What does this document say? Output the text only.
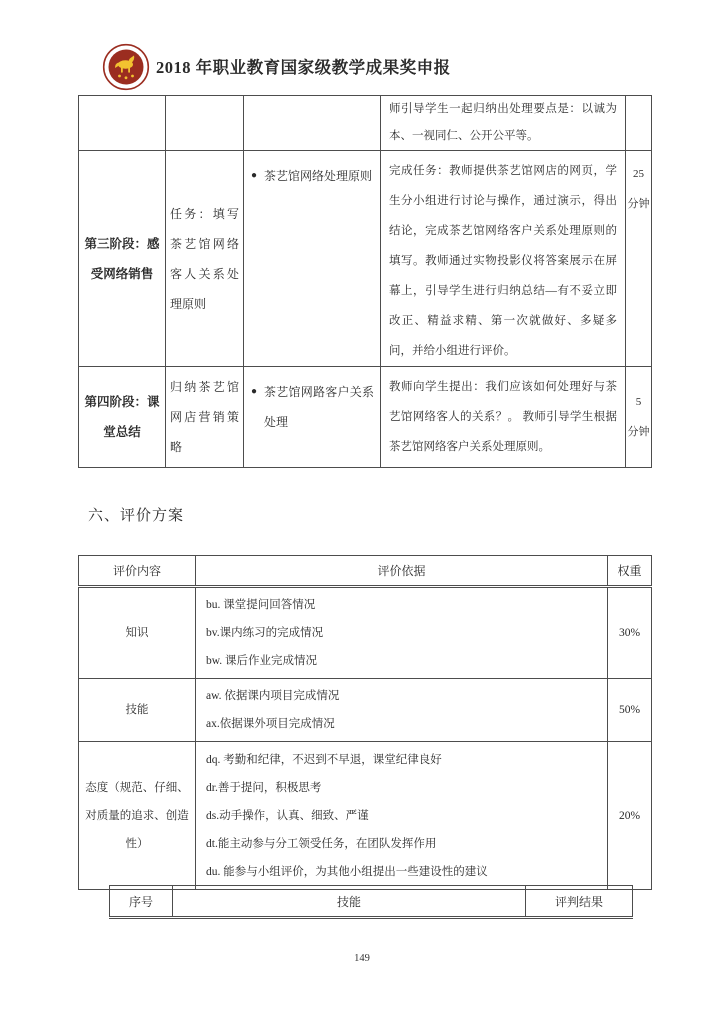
2018 年职业教育国家级教学成果奖申报
			师引导学生一起归纳出处理要点是：以诚为本、一视同仁、公开公平等。	
第三阶段：感受网络销售	任务：填写茶艺馆网络客人关系处理原则	● 茶艺馆网络处理原则	完成任务：教师提供茶艺馆网店的网页，学生分小组进行讨论与操作，通过演示，得出结论，完成茶艺馆网络客户关系处理原则的填写。教师通过实物投影仪将答案展示在屏幕上，引导学生进行归纳总结—有不妥立即改正、精益求精、第一次就做好、多疑多问，并给小组进行评价。	25
分钟

第四阶段：课堂总结	归纳茶艺馆网店营销策略	● 茶艺馆网路客户关系处理	教师向学生提出：我们应该如何处理好与茶艺馆网络客人的关系？。 教师引导学生根据茶艺馆网络客户关系处理原则。	5
分钟
六、评价方案
评价内容	评价依据	权重
知识	bu. 课堂提问回答情况
bv.课内练习的完成情况
bw. 课后作业完成情况	30%
技能	aw. 依据课内项目完成情况
ax.依据课外项目完成情况	50%
态度（规范、仔细、对质量的追求、创造性）	dq. 考勤和纪律，不迟到不早退，课堂纪律良好
dr.善于提问，积极思考
ds.动手操作，认真、细致、严谨
dt.能主动参与分工领受任务，在团队发挥作用
du. 能参与小组评价，为其他小组提出一些建设性的建议	20%
序号	技能	评判结果
149
